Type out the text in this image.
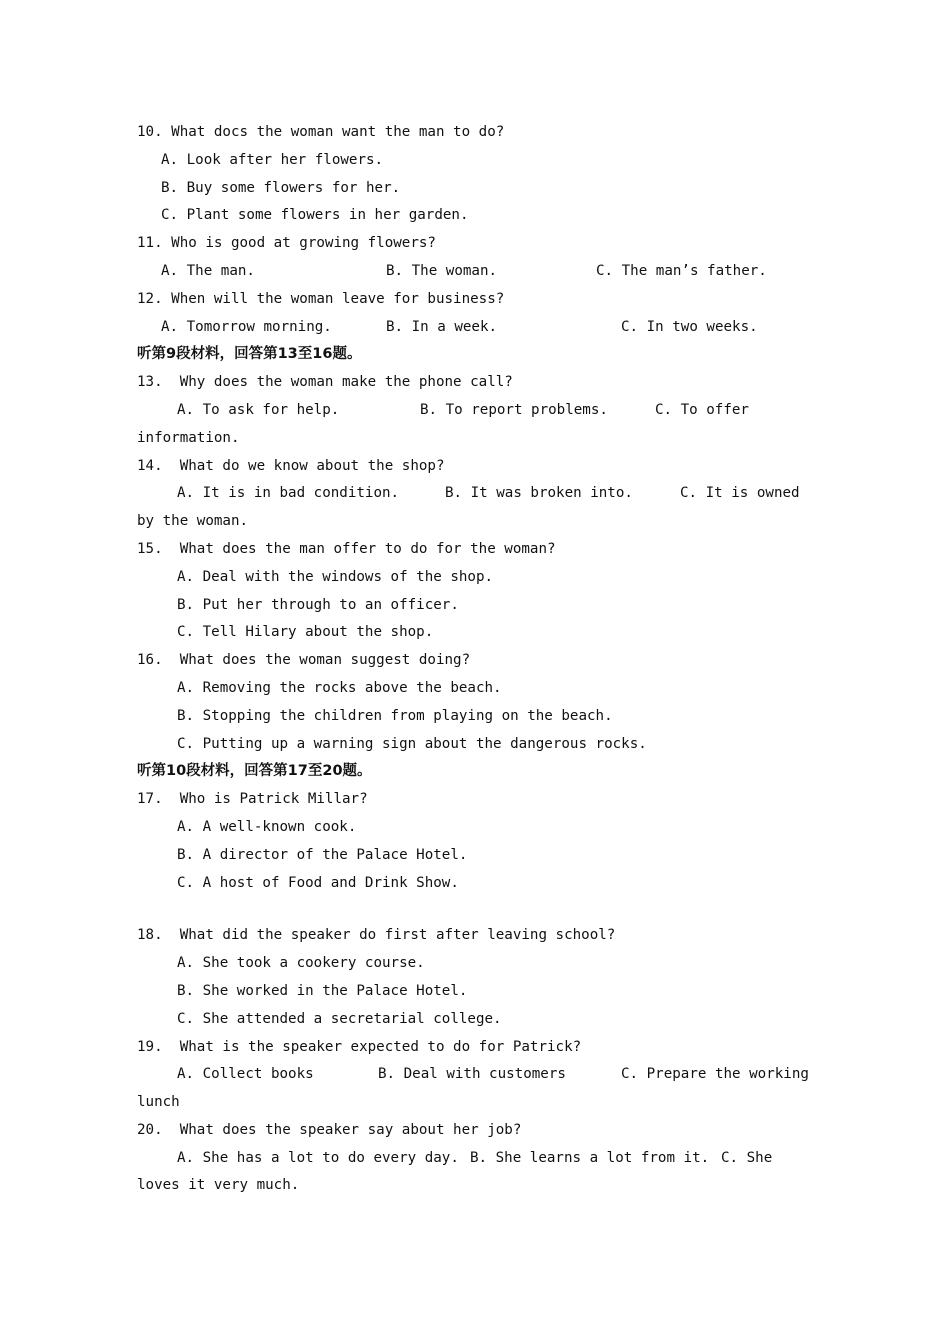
10. What docs the woman want the man to do?
A. Look after her flowers.
B. Buy some flowers for her.
C. Plant some flowers in her garden.
11. Who is good at growing flowers?

A. The man.

	B. The woman.

	C. The man’s father.

12. When will the woman leave for business?

A. Tomorrow morning.

	B. In a week.

	C. In two weeks.

听第9段材料，回答第13至16题。
13.  Why does the woman make the phone call?

A. To ask for help.

	B. To report problems.

	C. To offer

information.
14.  What do we know about the shop?

A. It is in bad condition.

	B. It was broken into.

	C. It is owned

by the woman.
15.  What does the man offer to do for the woman?
A. Deal with the windows of the shop.
B. Put her through to an officer.
C. Tell Hilary about the shop.
16.  What does the woman suggest doing?
A. Removing the rocks above the beach.
B. Stopping the children from playing on the beach.
C. Putting up a warning sign about the dangerous rocks.
听第10段材料，回答第17至20题。
17.  Who is Patrick Millar?
A. A well-known cook.
B. A director of the Palace Hotel.
C. A host of Food and Drink Show.
18.  What did the speaker do first after leaving school?
A. She took a cookery course.
B. She worked in the Palace Hotel.
C. She attended a secretarial college.
19.  What is the speaker expected to do for Patrick?

A. Collect books

	B. Deal with customers

	C. Prepare the working

lunch
20.  What does the speaker say about her job?

A. She has a lot to do every day.

B. She learns a lot from it.

C. She

loves it very much.
